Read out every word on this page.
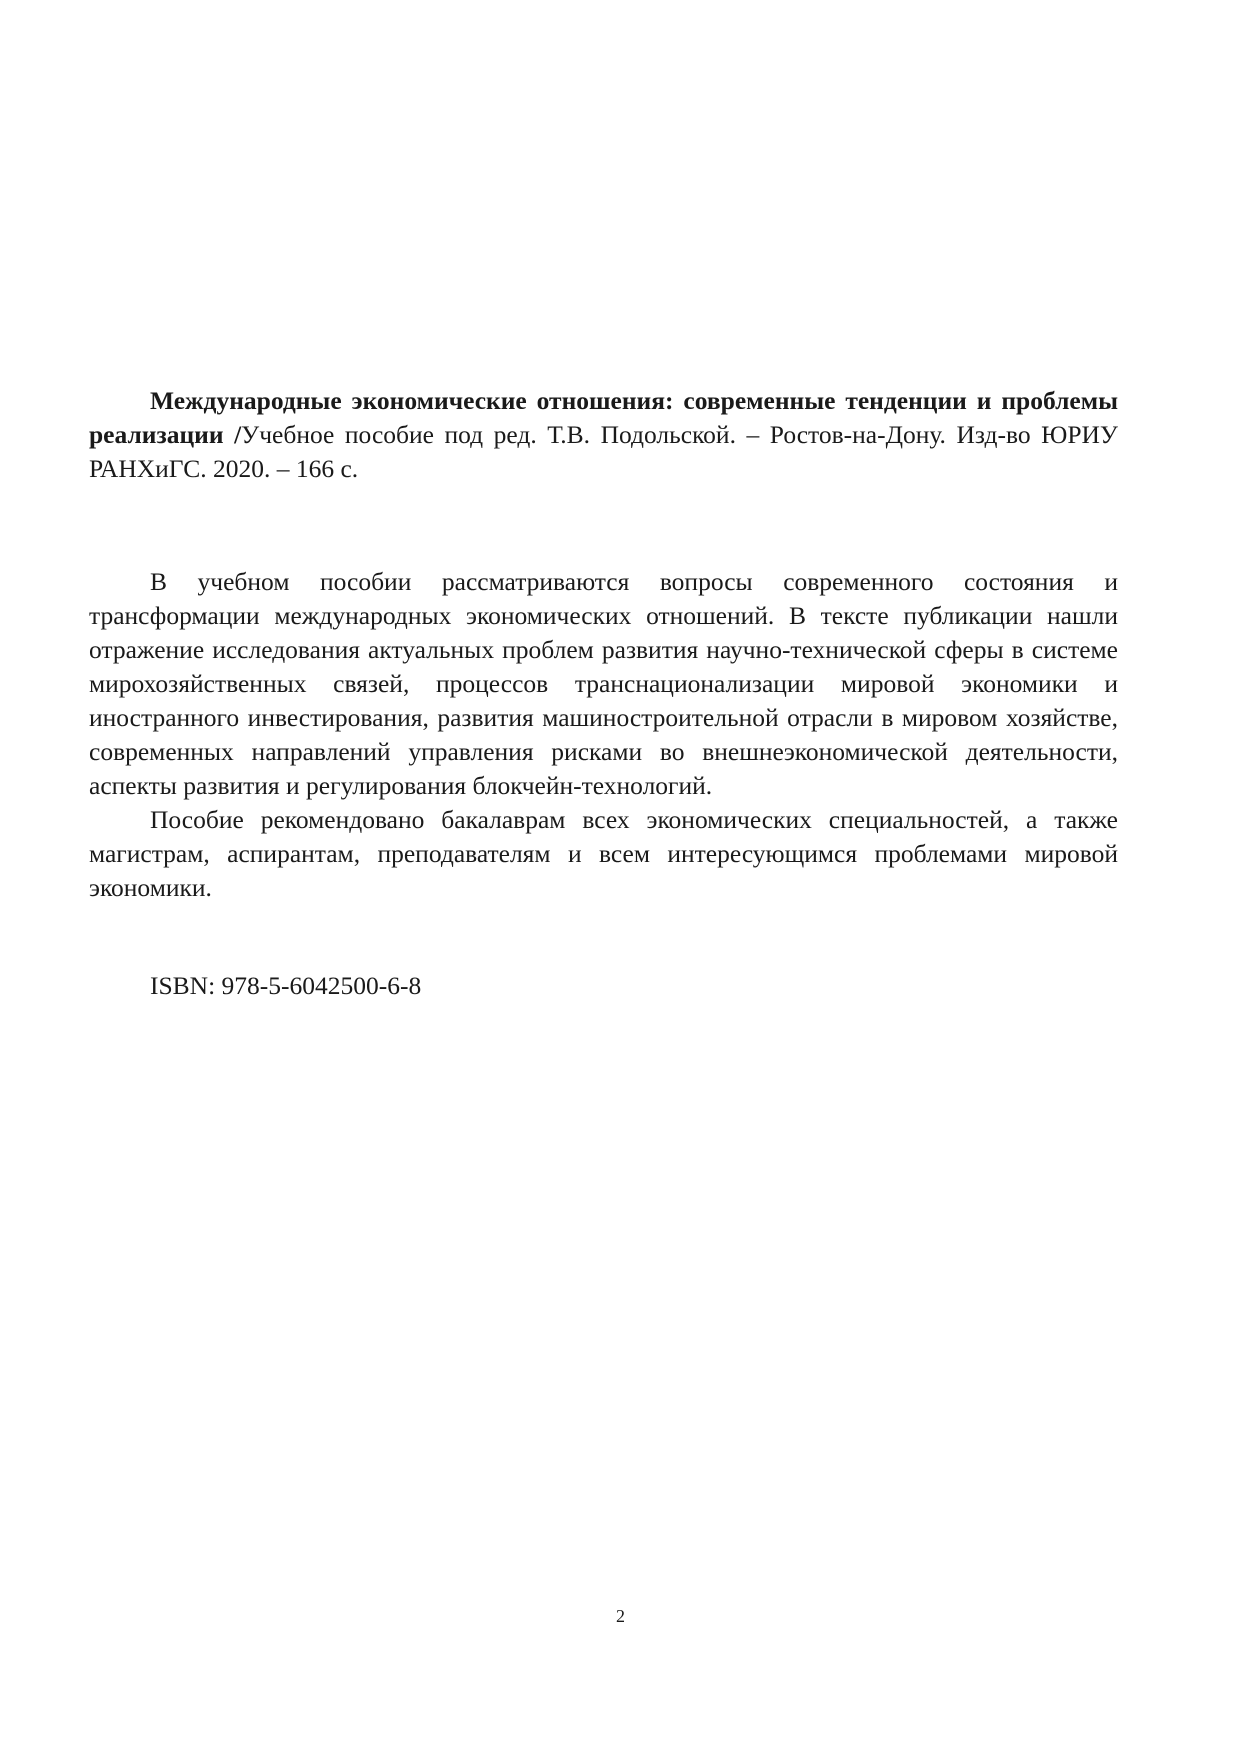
Международные экономические отношения: современные тенденции и проблемы реализации /Учебное пособие под ред. Т.В. Подольской. – Ростов-на-Дону. Изд-во ЮРИУ РАНХиГС. 2020. – 166 с.

В учебном пособии рассматриваются вопросы современного состояния и трансформации международных экономических отношений. В тексте публикации нашли отражение исследования актуальных проблем развития научно-технической сферы в системе мирохозяйственных связей, процессов транснационализации мировой экономики и иностранного инвестирования, развития машиностроительной отрасли в мировом хозяйстве, современных направлений управления рисками во внешнеэкономической деятельности, аспекты развития и регулирования блокчейн-технологий.

Пособие рекомендовано бакалаврам всех экономических специальностей, а также магистрам, аспирантам, преподавателям и всем интересующимся проблемами мировой экономики.

ISBN: 978-5-6042500-6-8
2
